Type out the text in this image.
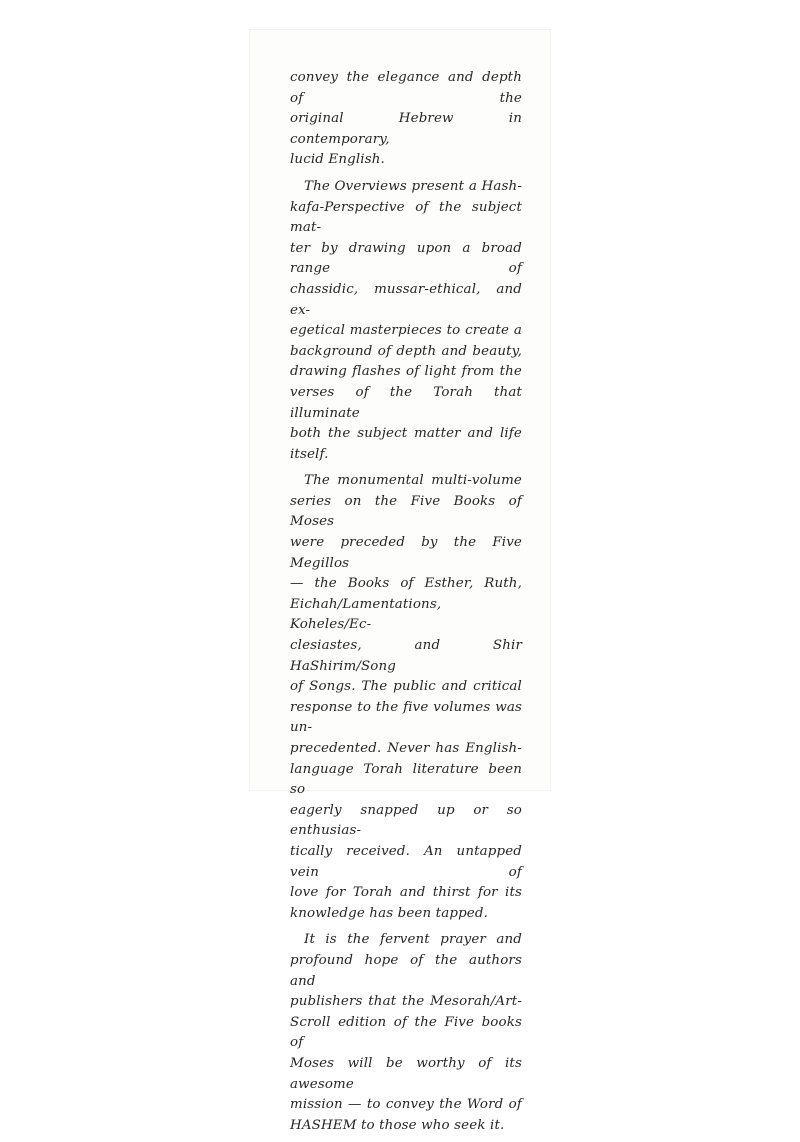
convey the elegance and depth of the
original Hebrew in contemporary,
lucid English.
The Overviews present a Hash-
kafa-Perspective of the subject mat-
ter by drawing upon a broad range of
chassidic, mussar-ethical, and ex-
egetical masterpieces to create a
background of depth and beauty,
drawing flashes of light from the
verses of the Torah that illuminate
both the subject matter and life itself.
The monumental multi-volume
series on the Five Books of Moses
were preceded by the Five Megillos
— the Books of Esther, Ruth,
Eichah/Lamentations, Koheles/Ec-
clesiastes, and Shir HaShirim/Song
of Songs. The public and critical
response to the five volumes was un-
precedented. Never has English-
language Torah literature been so
eagerly snapped up or so enthusias-
tically received. An untapped vein of
love for Torah and thirst for its
knowledge has been tapped.
It is the fervent prayer and
profound hope of the authors and
publishers that the Mesorah/Art-
Scroll edition of the Five books of
Moses will be worthy of its awesome
mission — to convey the Word of
HASHEM to those who seek it.
